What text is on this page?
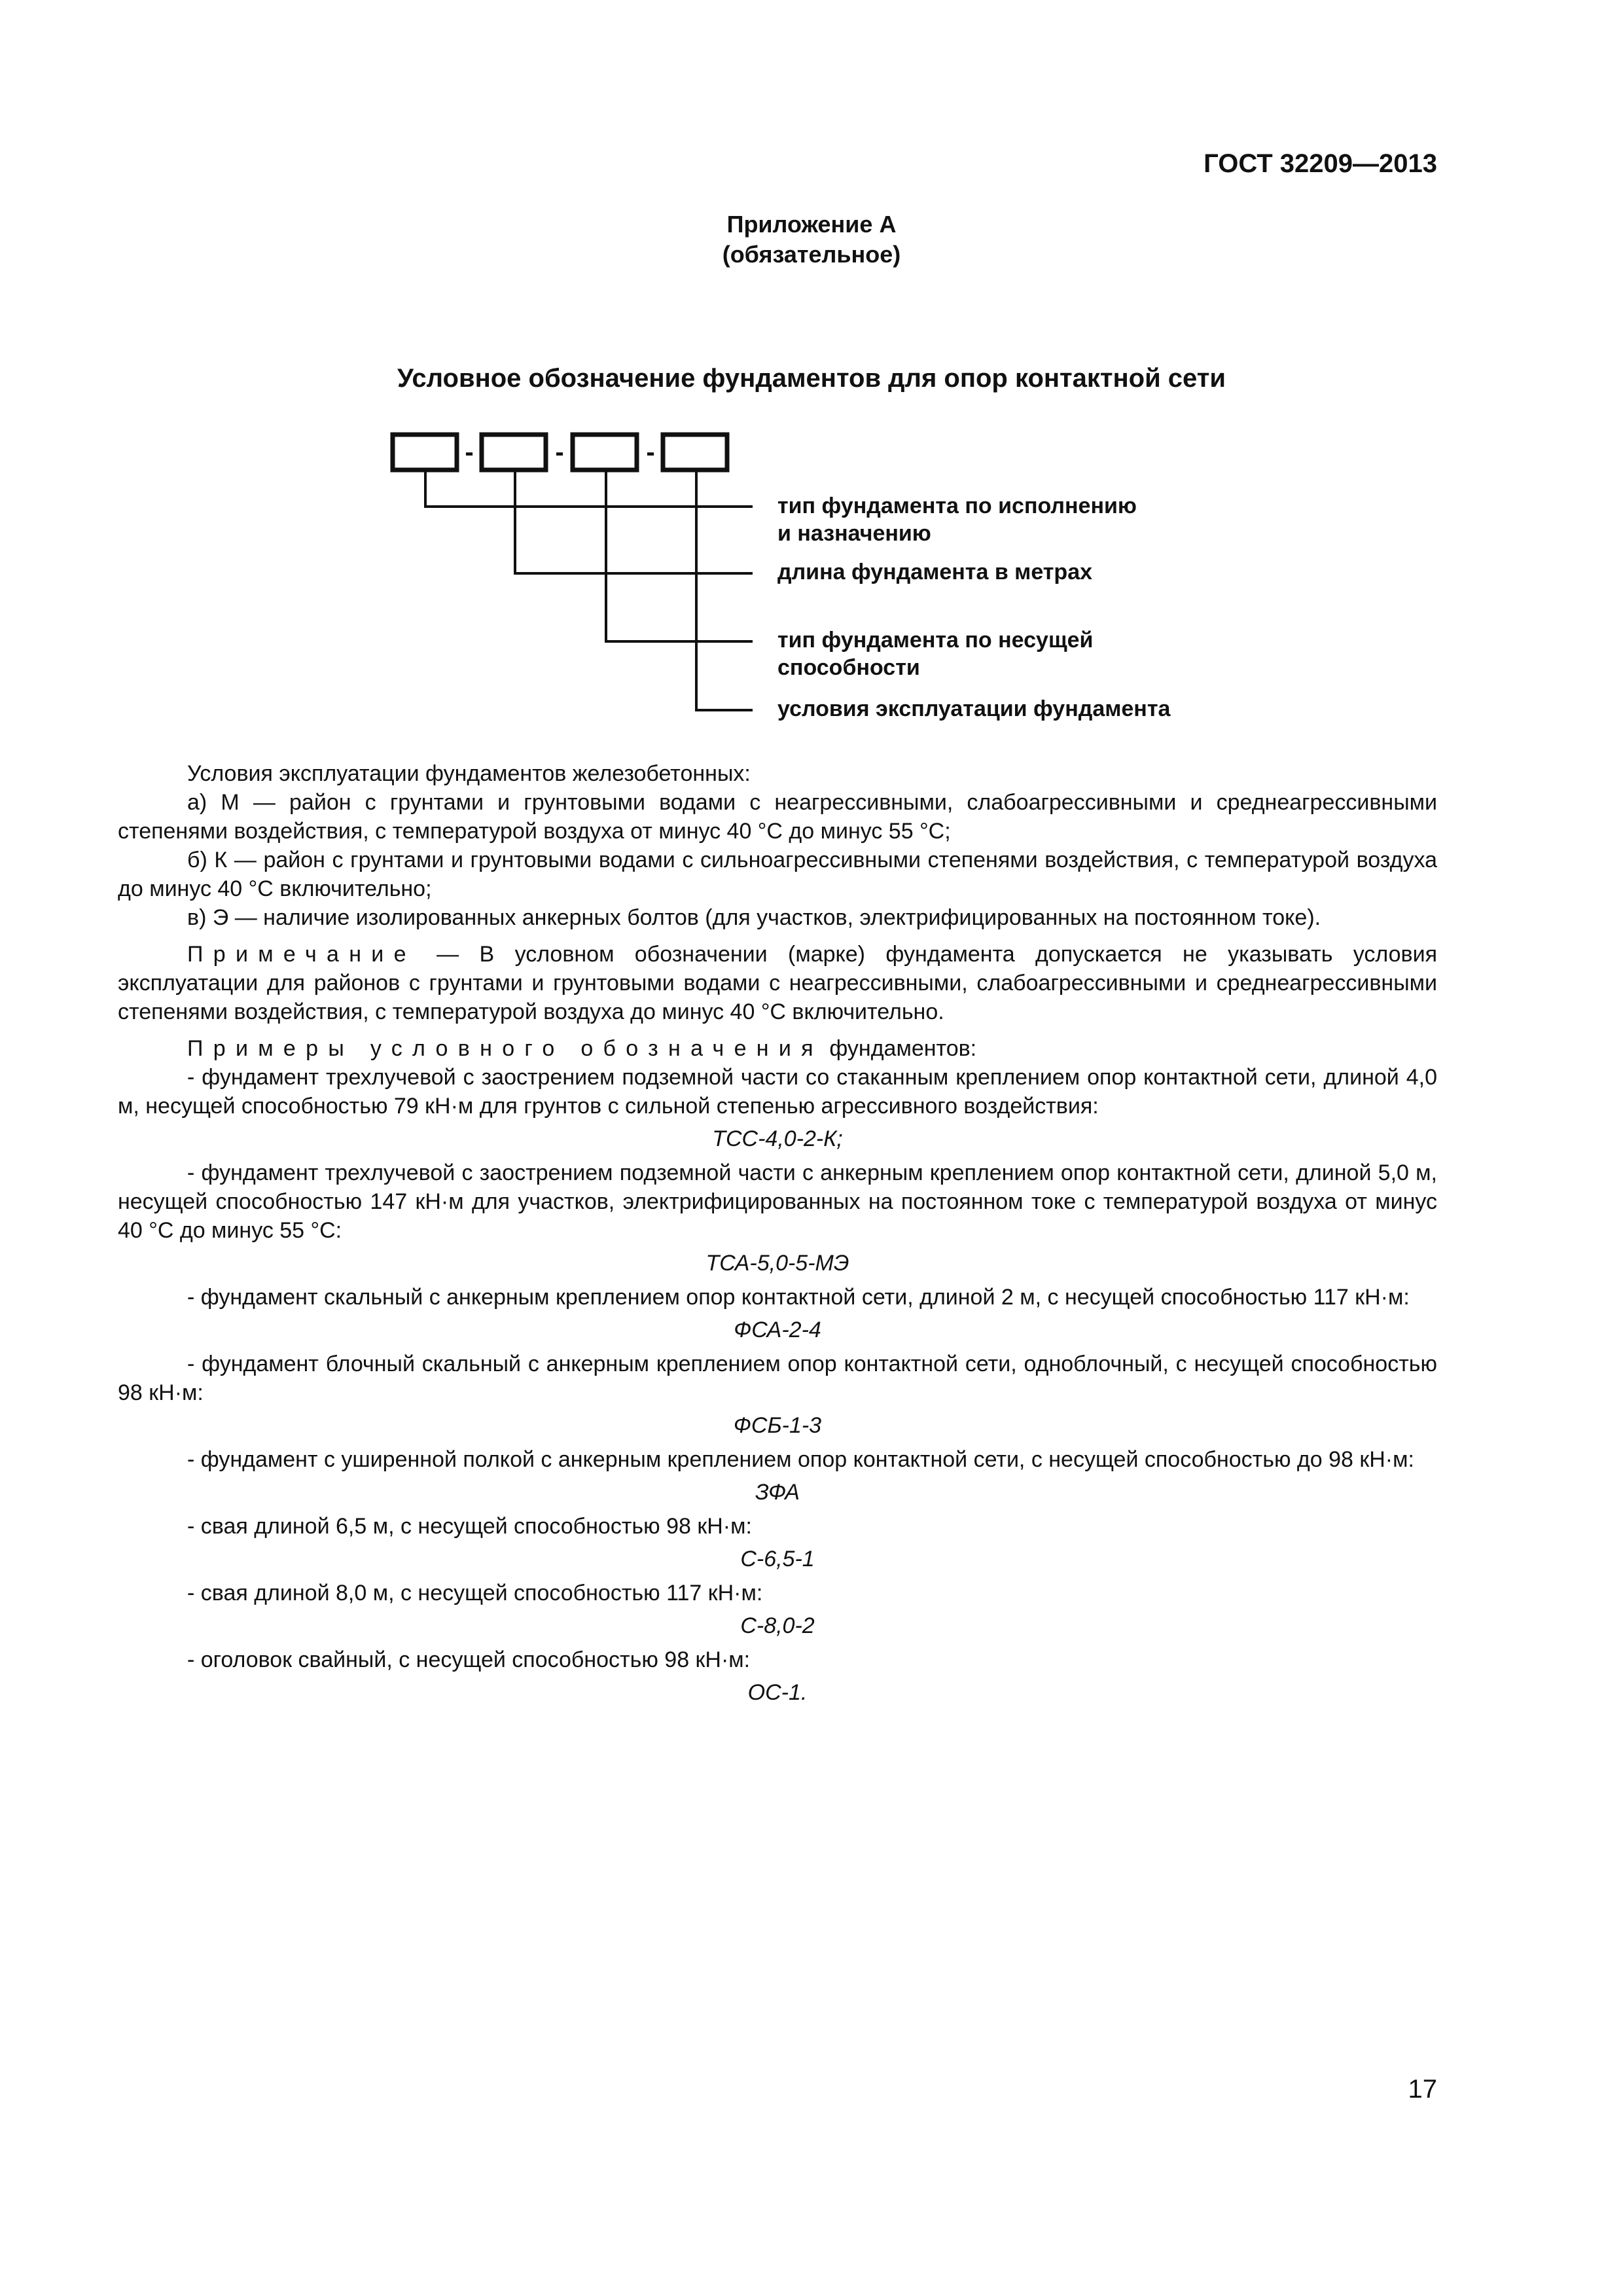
ГОСТ 32209—2013
Приложение А
(обязательное)
Условное обозначение фундаментов для опор контактной сети
-	-	-
тип фундамента по исполнению
и назначению
длина фундамента в метрах
тип фундамента по несущей
способности
условия эксплуатации фундамента

Условия эксплуатации фундаментов железобетонных:

а) М — район с грунтами и грунтовыми водами с неагрессивными, слабоагрессивными и среднеагрессивными степенями воздействия, с температурой воздуха от минус 40 °С до минус 55 °С;

б) К — район с грунтами и грунтовыми водами с сильноагрессивными степенями воздействия, с температурой воздуха до минус 40 °С включительно;

в) Э — наличие изолированных анкерных болтов (для участков, электрифицированных на постоянном токе).

Примечание — В условном обозначении (марке) фундамента допускается не указывать условия эксплуатации для районов с грунтами и грунтовыми водами с неагрессивными, слабоагрессивными и среднеагрессивными степенями воздействия, с температурой воздуха до минус 40 °С включительно.

Примеры условного обозначения фундаментов:

- фундамент трехлучевой с заострением подземной части со стаканным креплением опор контактной сети, длиной 4,0 м, несущей способностью 79 кН·м для грунтов с сильной степенью агрессивного воздействия:

ТСС-4,0-2-К;

- фундамент трехлучевой с заострением подземной части с анкерным креплением опор контактной сети, длиной 5,0 м, несущей способностью 147 кН·м для участков, электрифицированных на постоянном токе с температурой воздуха от минус 40 °С до минус 55 °С:

ТСА-5,0-5-МЭ

- фундамент скальный с анкерным креплением опор контактной сети, длиной 2 м, с несущей способностью 117 кН·м:

ФСА-2-4

- фундамент блочный скальный с анкерным креплением опор контактной сети, одноблочный, с несущей способностью 98 кН·м:

ФСБ-1-3

- фундамент с уширенной полкой с анкерным креплением опор контактной сети, с несущей способностью до 98 кН·м:

ЗФА

- свая длиной 6,5 м, с несущей способностью 98 кН·м:

С-6,5-1

- свая длиной 8,0 м, с несущей способностью 117 кН·м:

С-8,0-2

- оголовок свайный, с несущей способностью 98 кН·м:

ОС-1.

17
